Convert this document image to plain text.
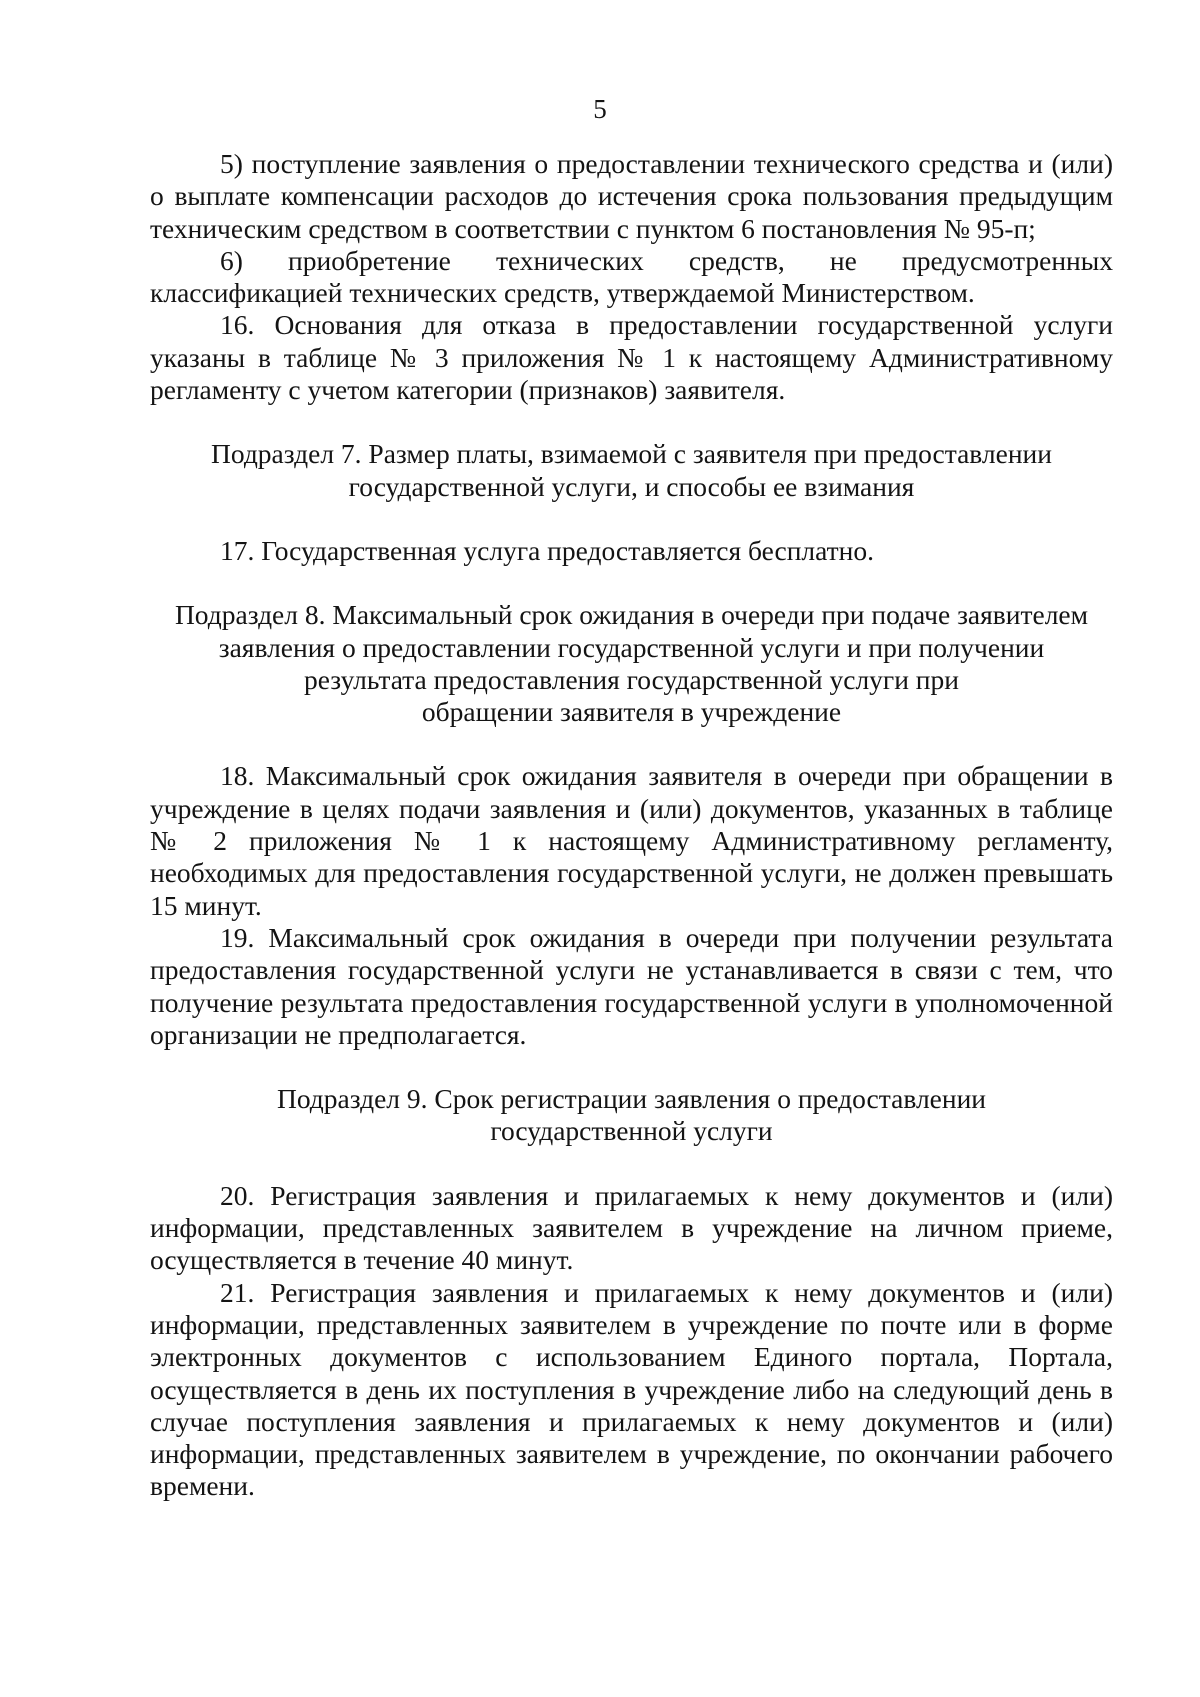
5

5) поступление заявления о предоставлении технического средства и (или) о выплате компенсации расходов до истечения срока пользования предыдущим техническим средством в соответствии с пунктом 6 постановления № 95-п;

6) приобретение технических средств, не предусмотренных классификацией технических средств, утверждаемой Министерством.

16. Основания для отказа в предоставлении государственной услуги указаны в таблице № 3 приложения № 1 к настоящему Административному регламенту с учетом категории (признаков) заявителя.

Подраздел 7. Размер платы, взимаемой с заявителя при предоставлении
государственной услуги, и способы ее взимания

17. Государственная услуга предоставляется бесплатно.

Подраздел 8. Максимальный срок ожидания в очереди при подаче заявителем
заявления о предоставлении государственной услуги и при получении
результата предоставления государственной услуги при
обращении заявителя в учреждение

18. Максимальный срок ожидания заявителя в очереди при обращении в учреждение в целях подачи заявления и (или) документов, указанных в таблице № 2 приложения № 1 к настоящему Административному регламенту, необходимых для предоставления государственной услуги, не должен превышать 15 минут.

19. Максимальный срок ожидания в очереди при получении результата предоставления государственной услуги не устанавливается в связи с тем, что получение результата предоставления государственной услуги в уполномоченной организации не предполагается.

Подраздел 9. Срок регистрации заявления о предоставлении
государственной услуги

20. Регистрация заявления и прилагаемых к нему документов и (или) информации, представленных заявителем в учреждение на личном приеме, осуществляется в течение 40 минут.

21. Регистрация заявления и прилагаемых к нему документов и (или) информации, представленных заявителем в учреждение по почте или в форме электронных документов с использованием Единого портала, Портала, осуществляется в день их поступления в учреждение либо на следующий день в случае поступления заявления и прилагаемых к нему документов и (или) информации, представленных заявителем в учреждение, по окончании рабочего времени.
